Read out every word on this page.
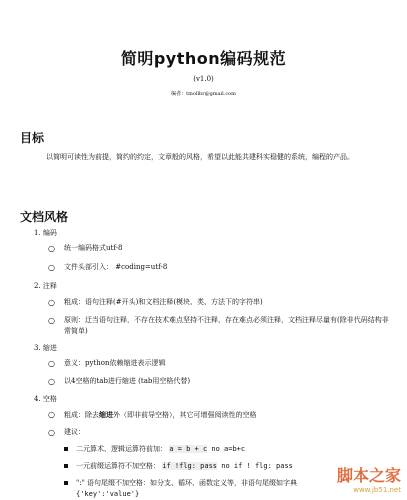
简明python编码规范
(v1.0)
编者：tmollbr@gmail.com
目标
以简明可读性为前提，简约的约定，文章般的风格，希望以此能共建科实稳健的系统，编程的产品。
文档风格
1. 编码
○ 统一编码格式utf-8
○ 文件头部引入： #coding=utf-8
2. 注释
○ 粗成：语句注释(#开头)和文档注释(模块、类、方法下的字符串)
○ 原则：迂当语句注释，不存在技术难点坚持不注释，存在难点必须注释，文档注释尽量有(除非代码结构非常简单)
3. 缩进
○ 意义：python依赖缩进表示逻辑
○ 以4空格的tab进行缩进 (tab用空格代替)
4. 空格
○ 粗成：除去缩进外（即非前导空格），其它可增强阅读性的空格
○ 建议：
二元算术、逻辑运算符前加： a = b + c no a=b+c
一元前缀运算符不加空格： if !flg: pass no if ! flg: pass
":" 语句尾缀不加空格：如分支、循环、函数定义等，非语句尾缀如字典
{'key':'value'}
脚本之家
www.jb51.net
